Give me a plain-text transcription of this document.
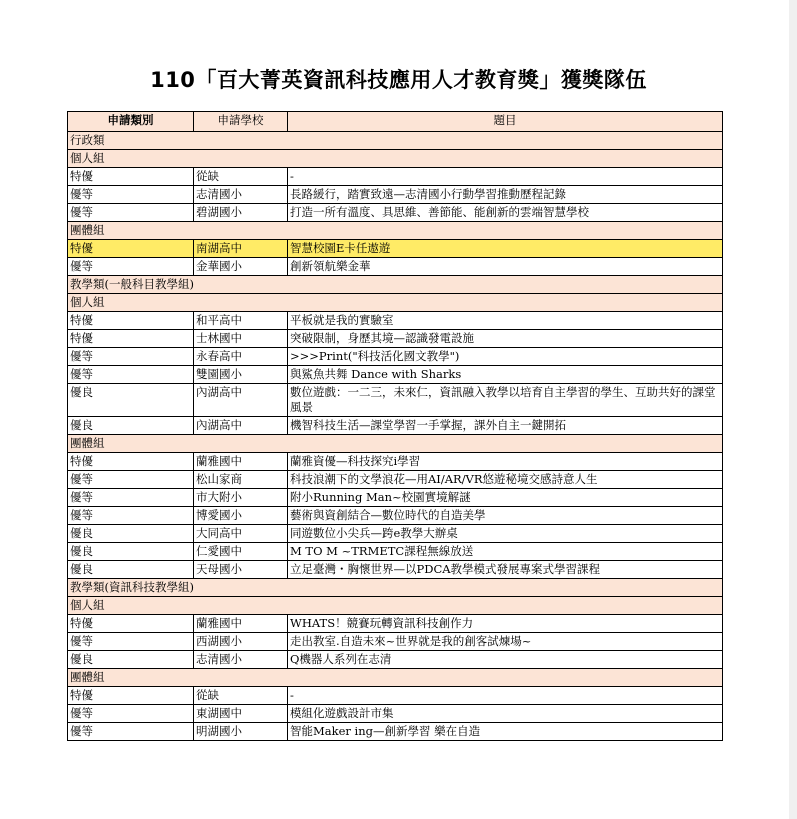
110「百大菁英資訊科技應用人才教育獎」獲獎隊伍
申請類別	申請學校	題目
行政類		
個人組		
特優	從缺	-
優等	志清國小	長路緩行，踏實致遠—志清國小行動學習推動歷程記錄
優等	碧湖國小	打造一所有溫度、具思維、善節能、能創新的雲端智慧學校
團體組		
特優	南湖高中	智慧校園E卡任遨遊
優等	金華國小	創新領航樂金華
教學類(一般科目教學組)		
個人組		
特優	和平高中	平板就是我的實驗室
特優	士林國中	突破限制，身歷其境—認識發電設施
優等	永春高中	>>>Print("科技活化國文教學")
優等	雙園國小	與鯊魚共舞 Dance with Sharks
優良	內湖高中	數位遊戲：一二三，未來仁，資訊融入教學以培育自主學習的學生、互助共好的課堂風景
優良	內湖高中	機智科技生活—課堂學習一手掌握，課外自主一鍵開拓
團體組		
特優	蘭雅國中	蘭雅資優—科技探究i學習
優等	松山家商	科技浪潮下的文學浪花—用AI/AR/VR悠遊秘境交感詩意人生
優等	市大附小	附小Running Man~校園實境解謎
優等	博愛國小	藝術與資創結合—數位時代的自造美學
優良	大同高中	同遊數位小尖兵—跨e教學大辦桌
優良	仁愛國中	M TO M ~TRMETC課程無線放送
優良	天母國小	立足臺灣・胸懷世界—以PDCA教學模式發展專案式學習課程
教學類(資訊科技教學組)		
個人組		
特優	蘭雅國中	WHATS！競賽玩轉資訊科技創作力
優等	西湖國小	走出教室.自造未來~世界就是我的創客試煉場~
優良	志清國小	Q機器人系列在志清
團體組		
特優	從缺	-
優等	東湖國中	模組化遊戲設計市集
優等	明湖國小	智能Maker ing—創新學習 樂在自造
